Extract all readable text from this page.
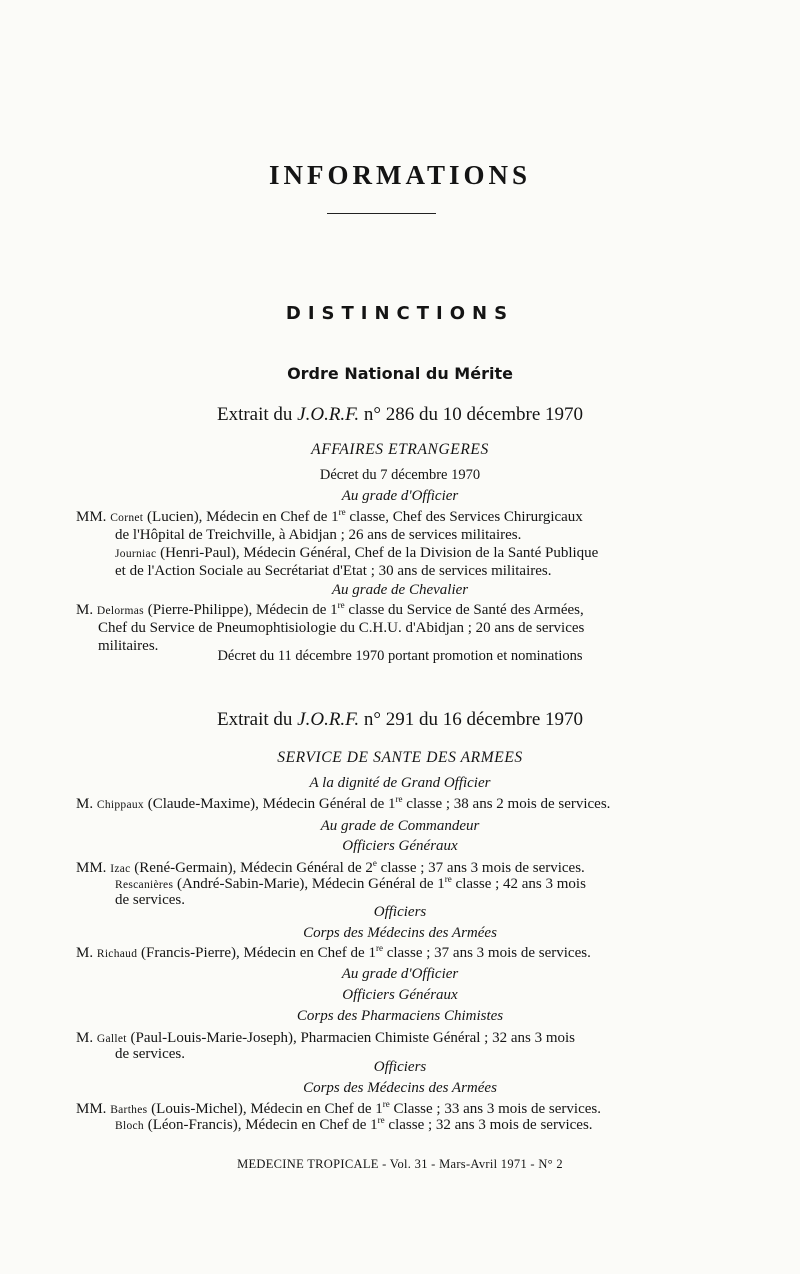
INFORMATIONS
DISTINCTIONS
Ordre National du Mérite
Extrait du J.O.R.F. n° 286 du 10 décembre 1970
AFFAIRES ETRANGERES
Décret du 7 décembre 1970
Au grade d'Officier
MM. Cornet (Lucien), Médecin en Chef de 1re classe, Chef des Services Chirurgicaux
de l'Hôpital de Treichville, à Abidjan ; 26 ans de services militaires.
Journiac (Henri-Paul), Médecin Général, Chef de la Division de la Santé Publique
et de l'Action Sociale au Secrétariat d'Etat ; 30 ans de services militaires.
Au grade de Chevalier
M. Delormas (Pierre-Philippe), Médecin de 1re classe du Service de Santé des Armées,
Chef du Service de Pneumophtisiologie du C.H.U. d'Abidjan ; 20 ans de services
militaires.
Décret du 11 décembre 1970 portant promotion et nominations
Extrait du J.O.R.F. n° 291 du 16 décembre 1970
SERVICE DE SANTE DES ARMEES
A la dignité de Grand Officier
M. Chippaux (Claude-Maxime), Médecin Général de 1re classe ; 38 ans 2 mois de services.
Au grade de Commandeur
Officiers Généraux
MM. Izac (René-Germain), Médecin Général de 2e classe ; 37 ans 3 mois de services.
Rescanières (André-Sabin-Marie), Médecin Général de 1re classe ; 42 ans 3 mois
de services.
Officiers
Corps des Médecins des Armées
M. Richaud (Francis-Pierre), Médecin en Chef de 1re classe ; 37 ans 3 mois de services.
Au grade d'Officier
Officiers Généraux
Corps des Pharmaciens Chimistes
M. Gallet (Paul-Louis-Marie-Joseph), Pharmacien Chimiste Général ; 32 ans 3 mois
de services.
Officiers
Corps des Médecins des Armées
MM. Barthes (Louis-Michel), Médecin en Chef de 1re Classe ; 33 ans 3 mois de services.
Bloch (Léon-Francis), Médecin en Chef de 1re classe ; 32 ans 3 mois de services.
MEDECINE TROPICALE - Vol. 31 - Mars-Avril 1971 - N° 2
